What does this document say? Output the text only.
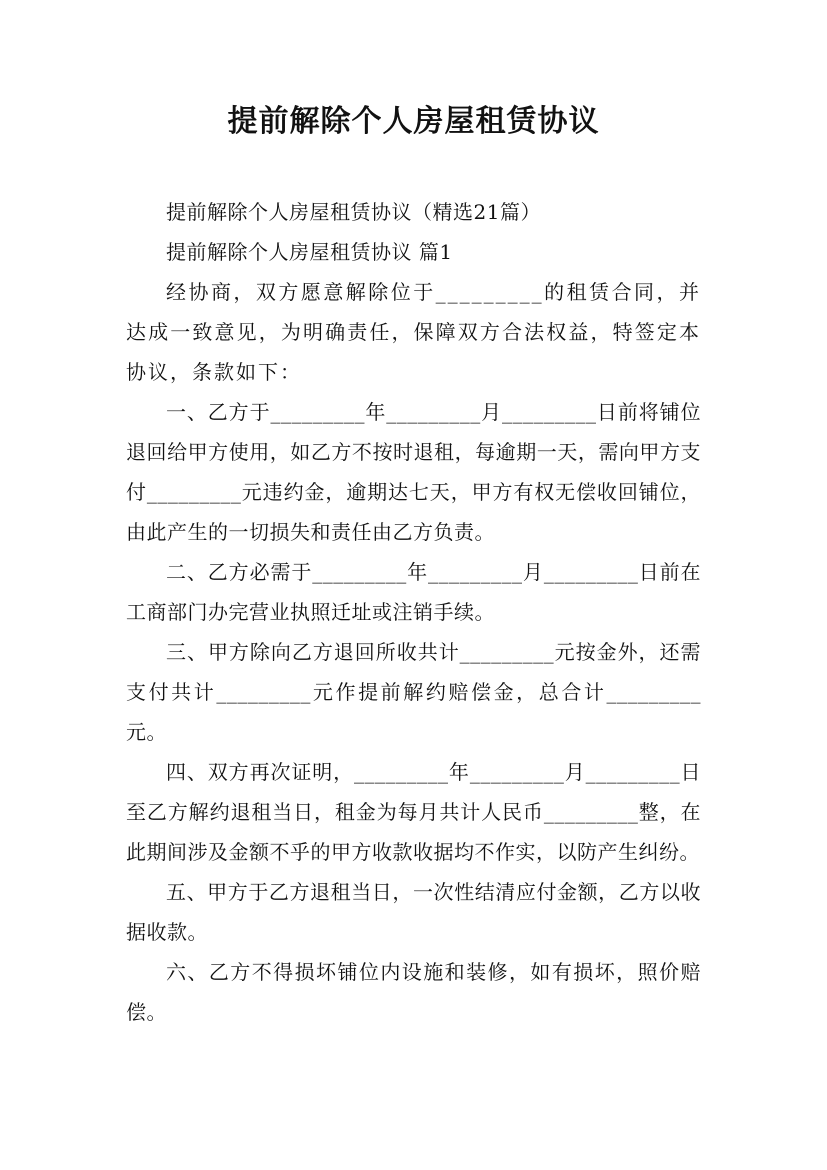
提前解除个人房屋租赁协议

提前解除个人房屋租赁协议（精选21篇）

提前解除个人房屋租赁协议 篇1

经协商，双方愿意解除位于_________的租赁合同，并达成一致意见，为明确责任，保障双方合法权益，特签定本协议，条款如下：

一、乙方于_________年_________月_________日前将铺位退回给甲方使用，如乙方不按时退租，每逾期一天，需向甲方支付_________元违约金，逾期达七天，甲方有权无偿收回铺位，由此产生的一切损失和责任由乙方负责。

二、乙方必需于_________年_________月_________日前在工商部门办完营业执照迁址或注销手续。

三、甲方除向乙方退回所收共计_________元按金外，还需支付共计_________元作提前解约赔偿金，总合计_________元。

四、双方再次证明，_________年_________月_________日至乙方解约退租当日，租金为每月共计人民币_________整，在此期间涉及金额不乎的甲方收款收据均不作实，以防产生纠纷。

五、甲方于乙方退租当日，一次性结清应付金额，乙方以收据收款。

六、乙方不得损坏铺位内设施和装修，如有损坏，照价赔偿。
